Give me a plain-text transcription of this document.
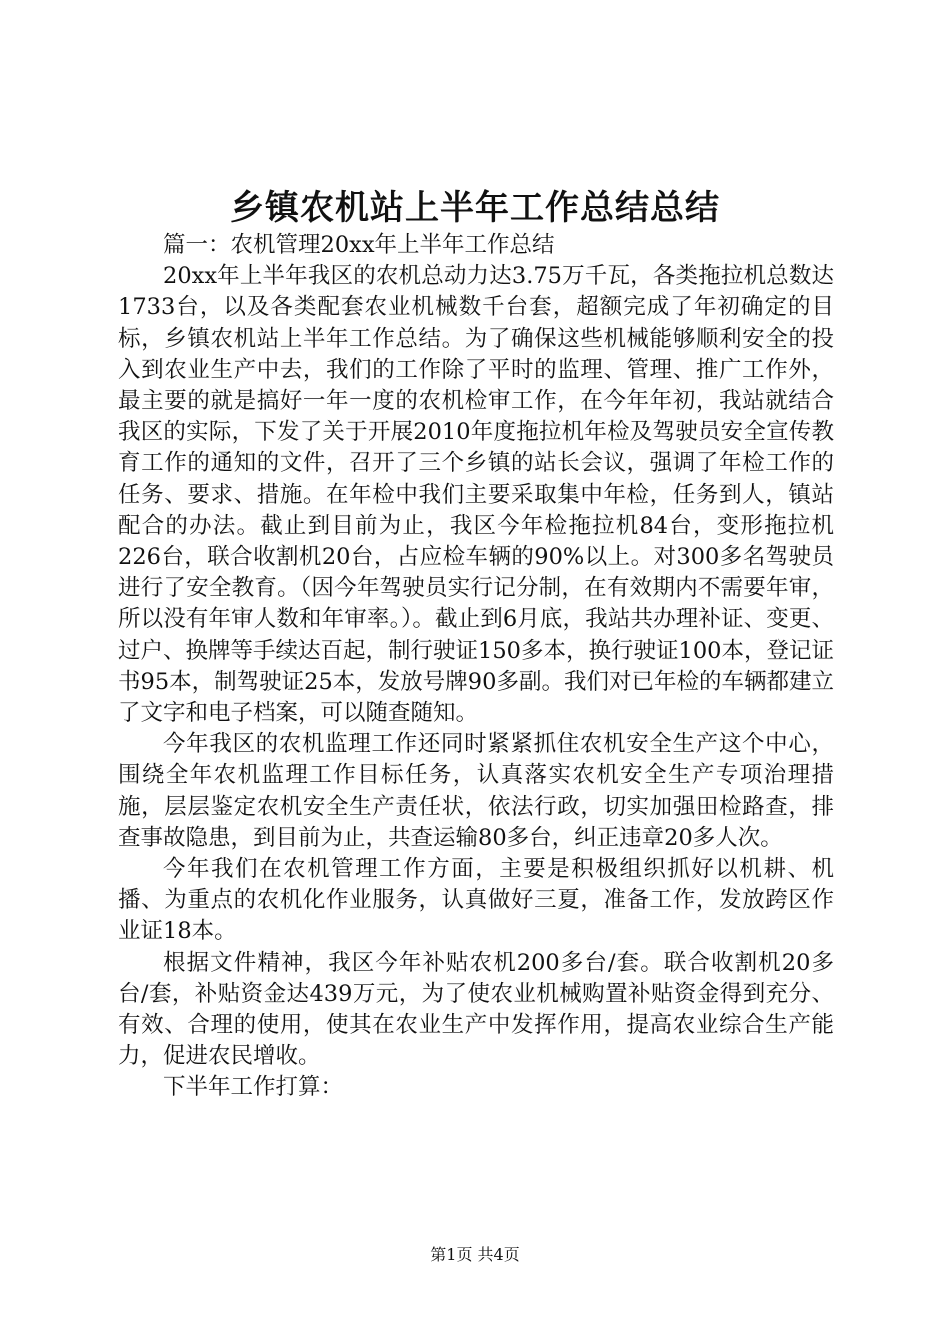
乡镇农机站上半年工作总结总结

篇一：农机管理20xx年上半年工作总结

20xx年上半年我区的农机总动力达3.75万千瓦，各类拖拉机总数达1733台，以及各类配套农业机械数千台套，超额完成了年初确定的目标，乡镇农机站上半年工作总结。为了确保这些机械能够顺利安全的投入到农业生产中去，我们的工作除了平时的监理、管理、推广工作外，最主要的就是搞好一年一度的农机检审工作，在今年年初，我站就结合我区的实际，下发了关于开展2010年度拖拉机年检及驾驶员安全宣传教育工作的通知的文件，召开了三个乡镇的站长会议，强调了年检工作的任务、要求、措施。在年检中我们主要采取集中年检，任务到人，镇站配合的办法。截止到目前为止，我区今年检拖拉机84台，变形拖拉机226台，联合收割机20台，占应检车辆的90%以上。对300多名驾驶员进行了安全教育。（因今年驾驶员实行记分制，在有效期内不需要年审，所以没有年审人数和年审率。）。截止到6月底，我站共办理补证、变更、过户、换牌等手续达百起，制行驶证150多本，换行驶证100本，登记证书95本，制驾驶证25本，发放号牌90多副。我们对已年检的车辆都建立了文字和电子档案，可以随查随知。

今年我区的农机监理工作还同时紧紧抓住农机安全生产这个中心，围绕全年农机监理工作目标任务，认真落实农机安全生产专项治理措施，层层鉴定农机安全生产责任状，依法行政，切实加强田检路查，排查事故隐患，到目前为止，共查运输80多台，纠正违章20多人次。

今年我们在农机管理工作方面，主要是积极组织抓好以机耕、机播、为重点的农机化作业服务，认真做好三夏，准备工作，发放跨区作业证18本。

根据文件精神，我区今年补贴农机200多台/套。联合收割机20多台/套，补贴资金达439万元，为了使农业机械购置补贴资金得到充分、有效、合理的使用，使其在农业生产中发挥作用，提高农业综合生产能力，促进农民增收。

下半年工作打算：

第1页 共4页
